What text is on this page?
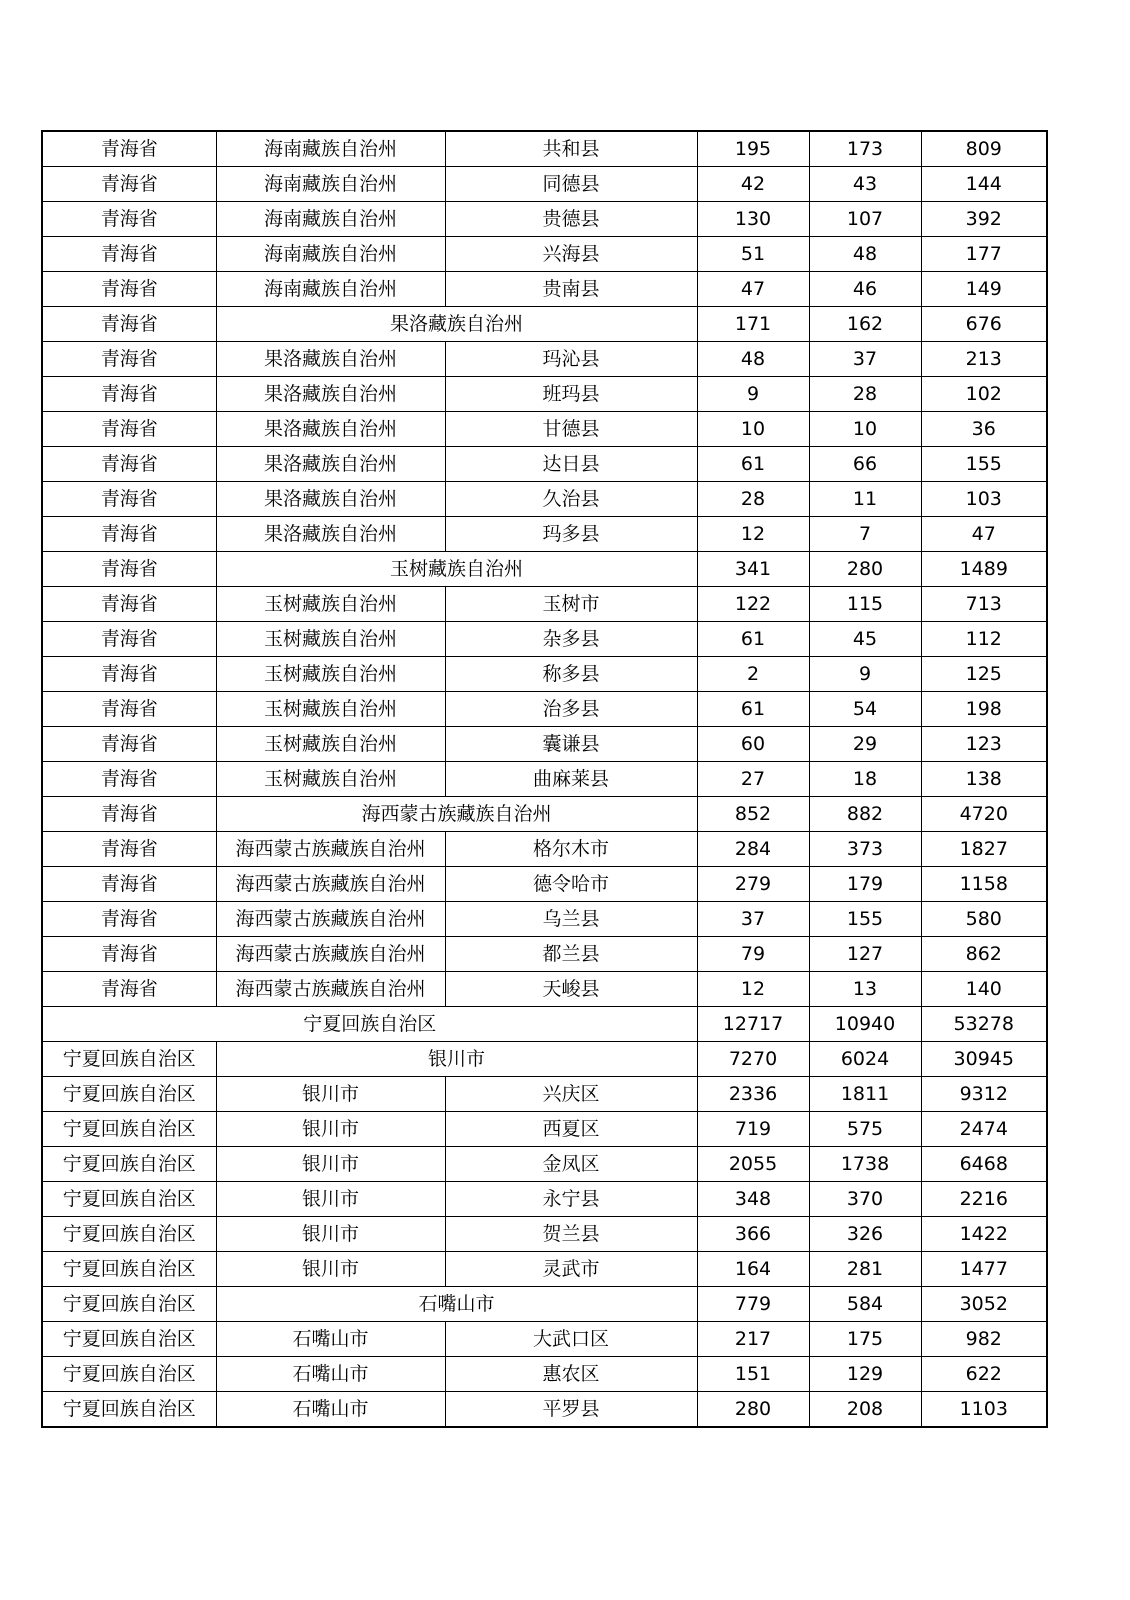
青海省	海南藏族自治州	共和县	195	173	809
青海省	海南藏族自治州	同德县	42	43	144
青海省	海南藏族自治州	贵德县	130	107	392
青海省	海南藏族自治州	兴海县	51	48	177
青海省	海南藏族自治州	贵南县	47	46	149
青海省	果洛藏族自治州		171	162	676
青海省	果洛藏族自治州	玛沁县	48	37	213
青海省	果洛藏族自治州	班玛县	9	28	102
青海省	果洛藏族自治州	甘德县	10	10	36
青海省	果洛藏族自治州	达日县	61	66	155
青海省	果洛藏族自治州	久治县	28	11	103
青海省	果洛藏族自治州	玛多县	12	7	47
青海省	玉树藏族自治州		341	280	1489
青海省	玉树藏族自治州	玉树市	122	115	713
青海省	玉树藏族自治州	杂多县	61	45	112
青海省	玉树藏族自治州	称多县	2	9	125
青海省	玉树藏族自治州	治多县	61	54	198
青海省	玉树藏族自治州	囊谦县	60	29	123
青海省	玉树藏族自治州	曲麻莱县	27	18	138
青海省	海西蒙古族藏族自治州		852	882	4720
青海省	海西蒙古族藏族自治州	格尔木市	284	373	1827
青海省	海西蒙古族藏族自治州	德令哈市	279	179	1158
青海省	海西蒙古族藏族自治州	乌兰县	37	155	580
青海省	海西蒙古族藏族自治州	都兰县	79	127	862
青海省	海西蒙古族藏族自治州	天峻县	12	13	140
宁夏回族自治区			12717	10940	53278
宁夏回族自治区	银川市		7270	6024	30945
宁夏回族自治区	银川市	兴庆区	2336	1811	9312
宁夏回族自治区	银川市	西夏区	719	575	2474
宁夏回族自治区	银川市	金凤区	2055	1738	6468
宁夏回族自治区	银川市	永宁县	348	370	2216
宁夏回族自治区	银川市	贺兰县	366	326	1422
宁夏回族自治区	银川市	灵武市	164	281	1477
宁夏回族自治区	石嘴山市		779	584	3052
宁夏回族自治区	石嘴山市	大武口区	217	175	982
宁夏回族自治区	石嘴山市	惠农区	151	129	622
宁夏回族自治区	石嘴山市	平罗县	280	208	1103
